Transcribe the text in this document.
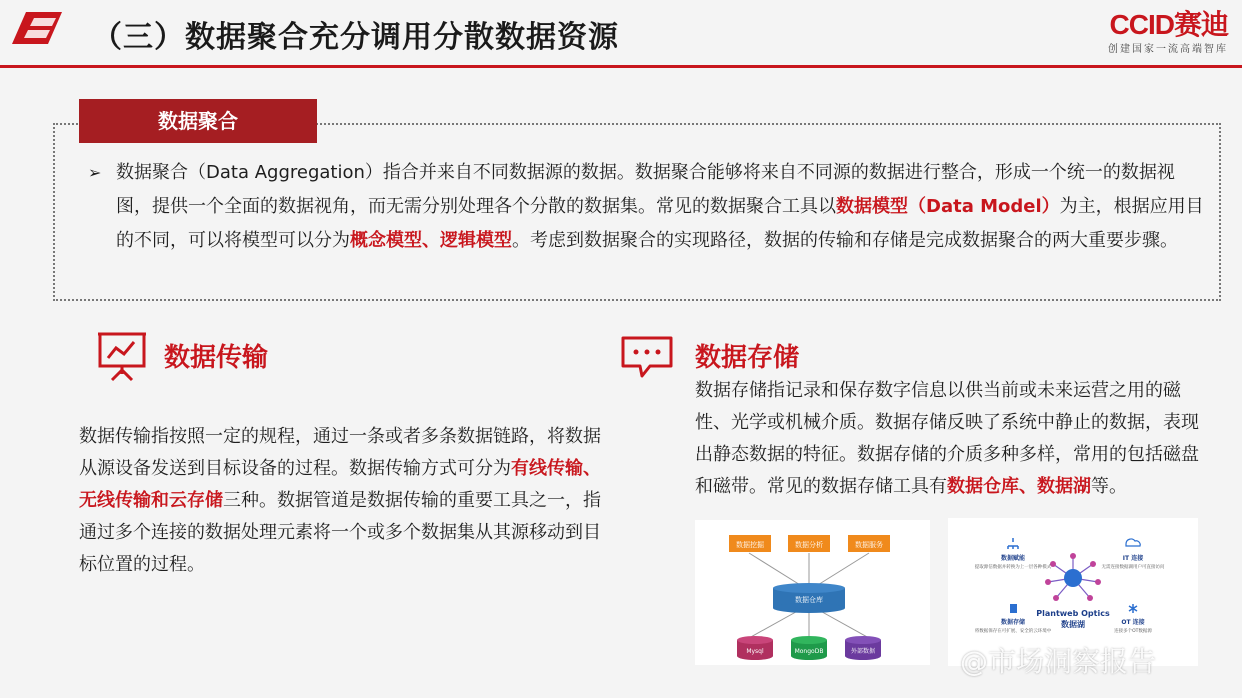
（三）数据聚合充分调用分散数据资源	CCID赛迪
创建国家一流高端智库
数据聚合
➢ 数据聚合（Data Aggregation）指合并来自不同数据源的数据。数据聚合能够将来自不同源的数据进行整合，形成一个统一的数据视图，提供一个全面的数据视角，而无需分别处理各个分散的数据集。常见的数据聚合工具以数据模型（Data Model）为主，根据应用目的不同，可以将模型可以分为概念模型、逻辑模型。考虑到数据聚合的实现路径，数据的传输和存储是完成数据聚合的两大重要步骤。
数据传输
数据传输指按照一定的规程，通过一条或者多条数据链路，将数据从源设备发送到目标设备的过程。数据传输方式可分为有线传输、无线传输和云存储三种。数据管道是数据传输的重要工具之一，指通过多个连接的数据处理元素将一个或多个数据集从其源移动到目标位置的过程。
数据存储
数据存储指记录和保存数字信息以供当前或未来运营之用的磁性、光学或机械介质。数据存储反映了系统中静止的数据，表现出静态数据的特征。数据存储的介质多种多样，常用的包括磁盘和磁带。常见的数据存储工具有数据仓库、数据湖等。
数据挖掘	数据分析	数据服务
数据仓库
Mysql	MongoDB	外部数据
Plantweb Optics
数据湖
数据赋能
提取源信数据并转换为上一层各种模式
IT 连接
无需连接数据湖用户可直接访问
数据存储
将数据保存在可扩展、安全的云环境中
OT 连接
连接多个OT数据源
@市场洞察报告
